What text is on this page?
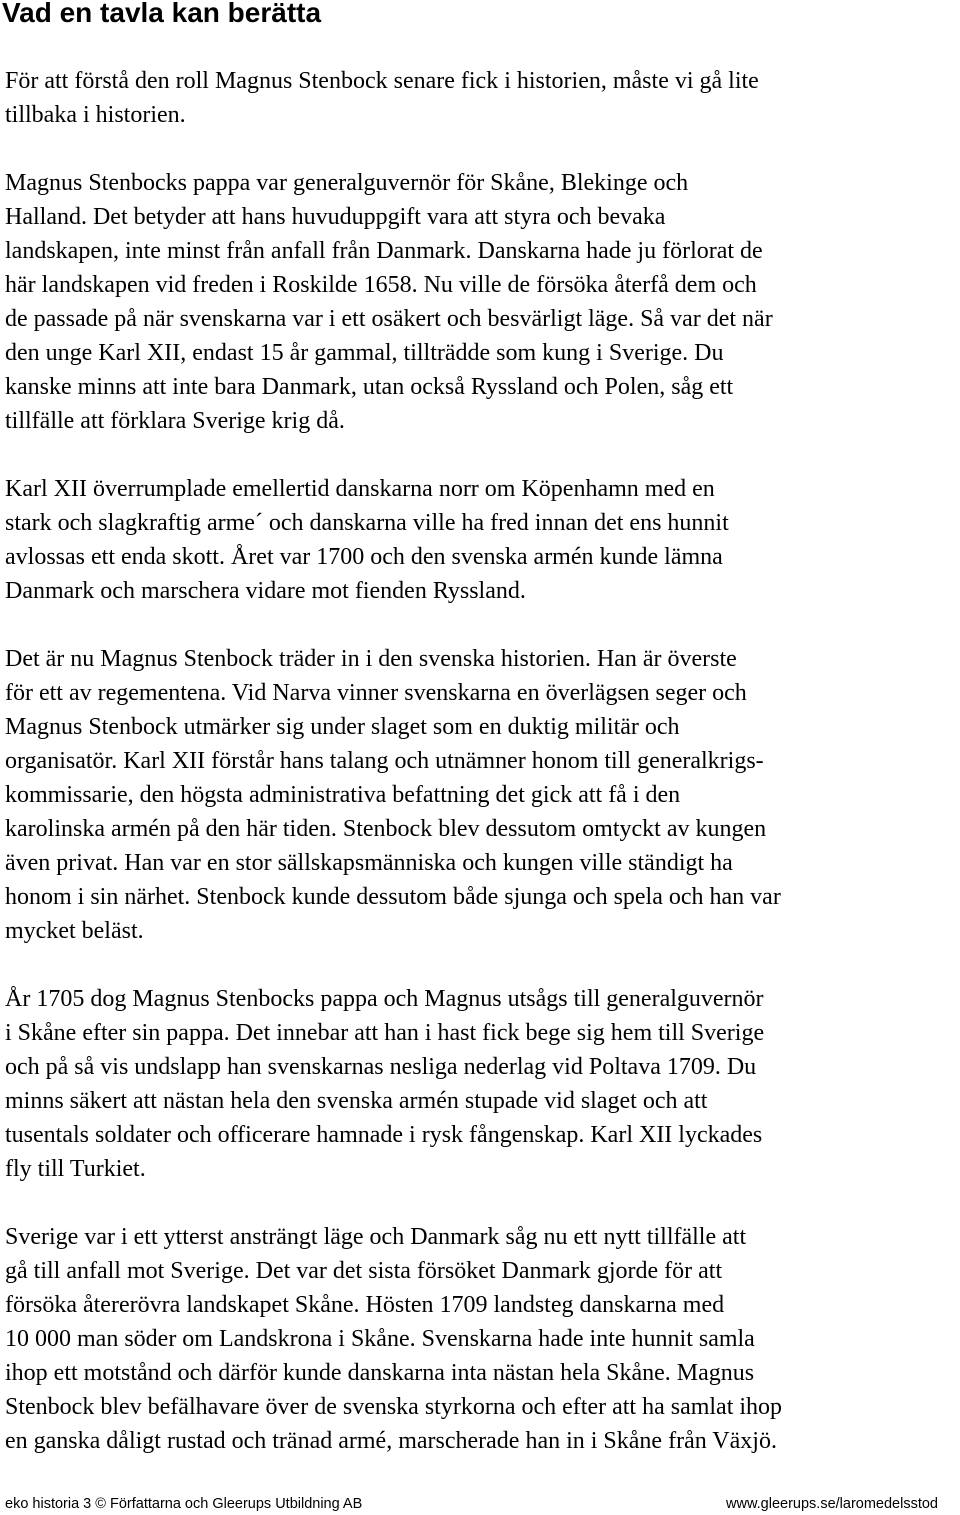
Vad en tavla kan berätta
För att förstå den roll Magnus Stenbock senare fick i historien, måste vi gå lite
tillbaka i historien.
Magnus Stenbocks pappa var generalguvernör för Skåne, Blekinge och
Halland. Det betyder att hans huvuduppgift vara att styra och bevaka
landskapen, inte minst från anfall från Danmark. Danskarna hade ju förlorat de
här landskapen vid freden i Roskilde 1658. Nu ville de försöka återfå dem och
de passade på när svenskarna var i ett osäkert och besvärligt läge. Så var det när
den unge Karl XII, endast 15 år gammal, tillträdde som kung i Sverige. Du
kanske minns att inte bara Danmark, utan också Ryssland och Polen, såg ett
tillfälle att förklara Sverige krig då.
Karl XII överrumplade emellertid danskarna norr om Köpenhamn med en
stark och slagkraftig arme´ och danskarna ville ha fred innan det ens hunnit
avlossas ett enda skott. Året var 1700 och den svenska armén kunde lämna
Danmark och marschera vidare mot fienden Ryssland.
Det är nu Magnus Stenbock träder in i den svenska historien. Han är överste
för ett av regementena. Vid Narva vinner svenskarna en överlägsen seger och
Magnus Stenbock utmärker sig under slaget som en duktig militär och
organisatör. Karl XII förstår hans talang och utnämner honom till generalkrigs-
kommissarie, den högsta administrativa befattning det gick att få i den
karolinska armén på den här tiden. Stenbock blev dessutom omtyckt av kungen
även privat. Han var en stor sällskapsmänniska och kungen ville ständigt ha
honom i sin närhet. Stenbock kunde dessutom både sjunga och spela och han var
mycket beläst.
År 1705 dog Magnus Stenbocks pappa och Magnus utsågs till generalguvernör
i Skåne efter sin pappa. Det innebar att han i hast fick bege sig hem till Sverige
och på så vis undslapp han svenskarnas nesliga nederlag vid Poltava 1709. Du
minns säkert att nästan hela den svenska armén stupade vid slaget och att
tusentals soldater och officerare hamnade i rysk fångenskap. Karl XII lyckades
fly till Turkiet.
Sverige var i ett ytterst ansträngt läge och Danmark såg nu ett nytt tillfälle att
gå till anfall mot Sverige. Det var det sista försöket Danmark gjorde för att
försöka återerövra landskapet Skåne. Hösten 1709 landsteg danskarna med
10 000 man söder om Landskrona i Skåne. Svenskarna hade inte hunnit samla
ihop ett motstånd och därför kunde danskarna inta nästan hela Skåne. Magnus
Stenbock blev befälhavare över de svenska styrkorna och efter att ha samlat ihop
en ganska dåligt rustad och tränad armé, marscherade han in i Skåne från Växjö.

eko historia 3 © Författarna och Gleerups Utbildning AB	www.gleerups.se/laromedelsstod
